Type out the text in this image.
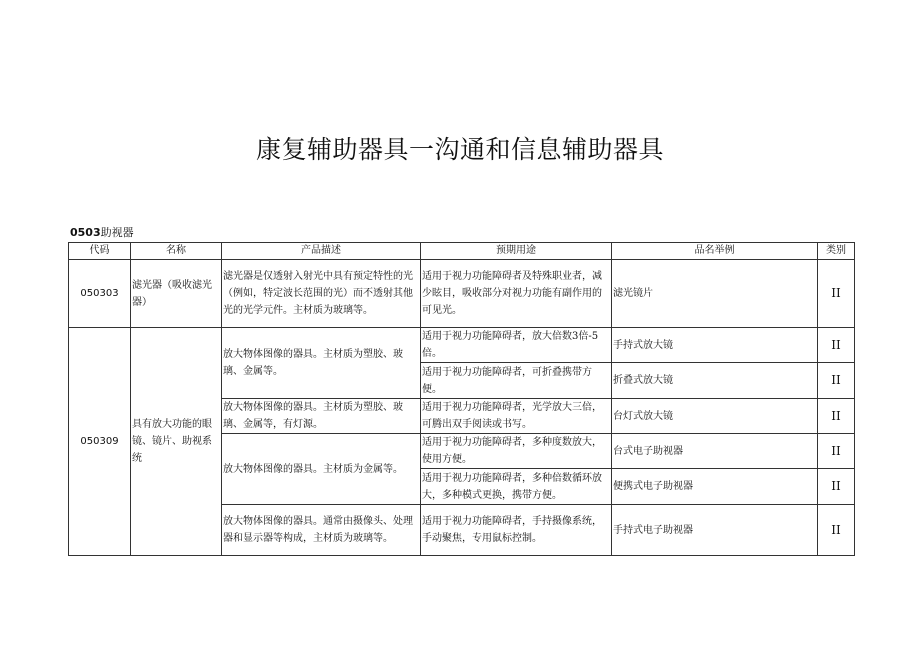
康复辅助器具一沟通和信息辅助器具
0503助视器
代码	名称	产品描述	预期用途	品名举例	类别
050303	滤光器（吸收滤光器）	滤光器是仅透射入射光中具有预定特性的光（例如，特定波长范围的光）而不透射其他光的光学元件。主材质为玻璃等。	适用于视力功能障碍者及特殊职业者，减少眩目，吸收部分对视力功能有副作用的可见光。	滤光镜片	II
050309	具有放大功能的眼镜、镜片、助视系统	放大物体图像的器具。主材质为塑胶、玻璃、金属等。	适用于视力功能障碍者，放大倍数3倍-5倍。	手持式放大镜	II
			适用于视力功能障碍者，可折叠携带方便。	折叠式放大镜	II
		放大物体图像的器具。主材质为塑胶、玻璃、金属等，有灯源。	适用于视力功能障碍者，光学放大三倍，可腾出双手阅读或书写。	台灯式放大镜	II
		放大物体图像的器具。主材质为金属等。	适用于视力功能障碍者，多种度数放大，使用方便。	台式电子助视器	II
			适用于视力功能障碍者，多种倍数循环放大，多种模式更换，携带方便。	便携式电子助视器	II
		放大物体图像的器具。通常由摄像头、处理器和显示器等构成，主材质为玻璃等。	适用于视力功能障碍者，手持摄像系统，手动聚焦，专用鼠标控制。	手持式电子助视器	II
